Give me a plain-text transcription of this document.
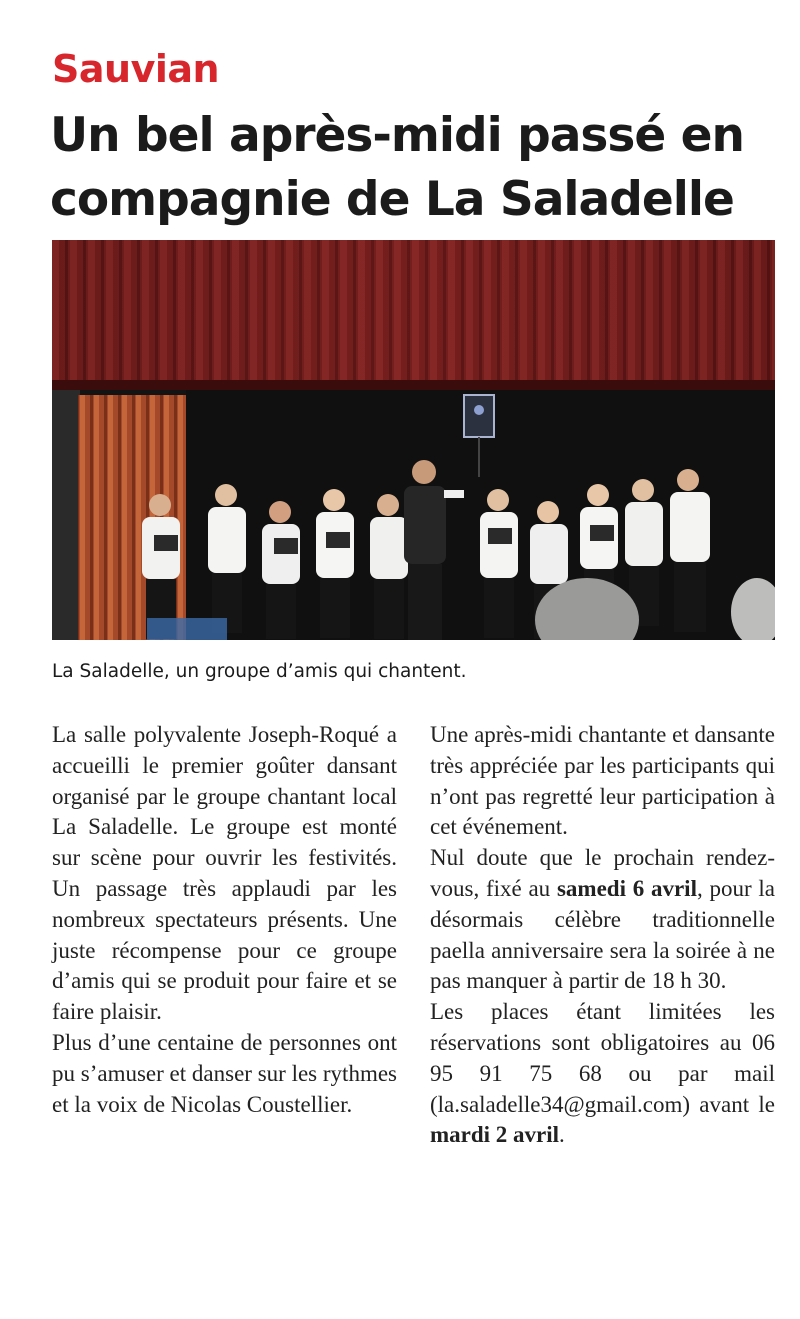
Sauvian
Un bel après-midi passé en
compagnie de La Saladelle
La Saladelle, un groupe d’amis qui chantent.

La salle polyvalente Joseph-Roqué a accueilli le premier goûter dansant organisé par le groupe chantant local La Saladelle. Le groupe est monté sur scène pour ouvrir les festivités. Un passage très applaudi par les nombreux spectateurs présents. Une juste récompense pour ce groupe d’amis qui se produit pour faire et se faire plaisir.

Plus d’une centaine de personnes ont pu s’amuser et danser sur les rythmes et la voix de Nicolas Coustellier.

Une après-midi chantante et dansante très appréciée par les participants qui n’ont pas regretté leur participation à cet événement.

Nul doute que le prochain rendez-vous, fixé au samedi 6 avril, pour la désormais célèbre traditionnelle paella anniversaire sera la soirée à ne pas manquer à partir de 18 h 30.

Les places étant limitées les réservations sont obligatoires au 06 95 91 75 68 ou par mail (la.saladelle34@gmail.com) avant le mardi 2 avril.
